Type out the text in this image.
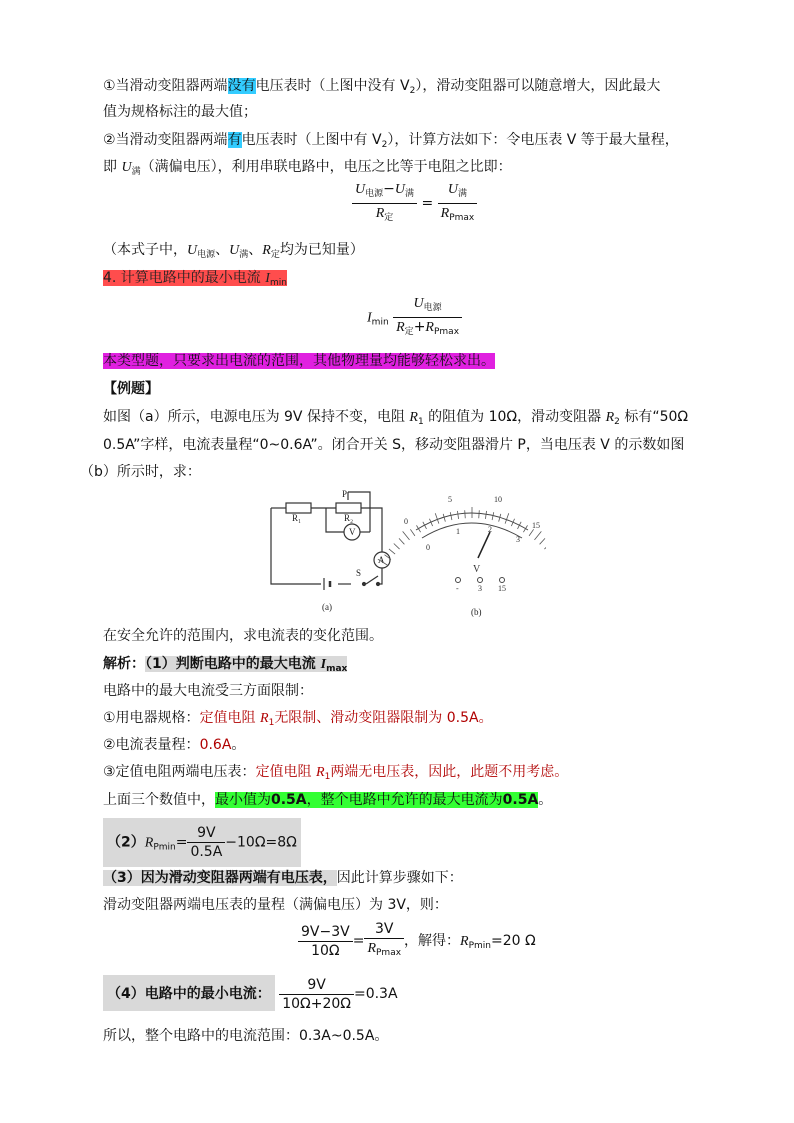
①当滑动变阻器两端没有电压表时（上图中没有 $V_2$），滑动变阻器可以随意增大，因此最大
值为规格标注的最大值；
②当滑动变阻器两端有电压表时（上图中有 $V_2$），计算方法如下：令电压表 V 等于最大量程，
即 $U_满$（满偏电压），利用串联电路中，电压之比等于电阻之比即：
$\frac{U_{电源}-U_满}{R_定} = \frac{U_满}{R_{Pmax}}$
（本式子中，$U_{电源}$、$U_满$、$R_定$均为已知量）
4. 计算电路中的最小电流 $I_{min}$
$I_{min} \frac{U_{电源}}{R_定+R_{Pmax}}$
本类型题，只要求出电流的范围，其他物理量均能够轻松求出。
【例题】
如图（a）所示，电源电压为 9V 保持不变，电阻 $R_1$ 的阻值为 10Ω，滑动变阻器 $R_2$ 标有“50Ω
0.5A”字样，电流表量程“0~0.6A”。闭合开关 S，移动变阻器滑片 P，当电压表 V 的示数如图
（b）所示时，求：
R₁	R₂
P
V
A
S
(a)	(b)
5	10
15
0
0
1	2
3
V
- 3 15
在安全允许的范围内，求电流表的变化范围。
解析：（1）判断电路中的最大电流 $I_{max}$
电路中的最大电流受三方面限制：
①用电器规格：定值电阻 $R_1$无限制、滑动变阻器限制为 0.5A。
②电流表量程：0.6A。
③定值电阻两端电压表：定值电阻 $R_1$两端无电压表，因此，此题不用考虑。
上面三个数值中，最小值为0.5A，整个电路中允许的最大电流为0.5A。
$(2)R_{Pmin}= \frac{9V}{0.5A} -10\Omega=8\Omega$
（3）因为滑动变阻器两端有电压表，因此计算步骤如下：
滑动变阻器两端电压表的量程（满偏电压）为 3V，则：
$\frac{9V-3V}{10\Omega} = \frac{3V}{R_{Pmax}}$ ，解得：$R_{Pmin}=20$ Ω
（4）电路中的最小电流： $\frac{9V}{10\Omega+20\Omega} =0.3A$
所以，整个电路中的电流范围：0.3A~0.5A。
